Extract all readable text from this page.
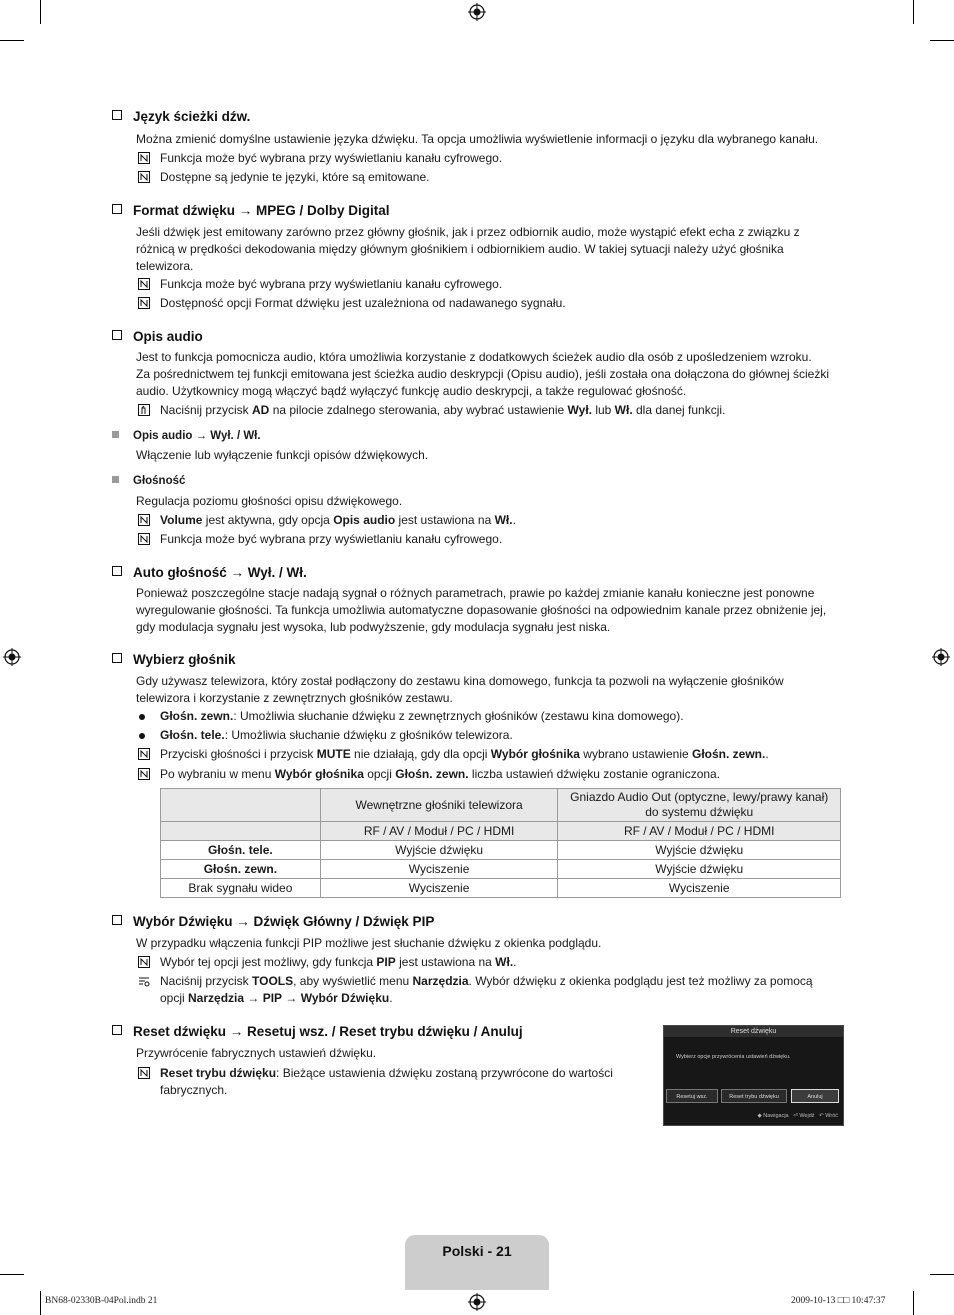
Język ścieżki dźw.
Można zmienić domyślne ustawienie języka dźwięku. Ta opcja umożliwia wyświetlenie informacji o języku dla wybranego kanału.
Funkcja może być wybrana przy wyświetlaniu kanału cyfrowego.
Dostępne są jedynie te języki, które są emitowane.
Format dźwięku → MPEG / Dolby Digital
Jeśli dźwięk jest emitowany zarówno przez główny głośnik, jak i przez odbiornik audio, może wystąpić efekt echa z związku z różnicą w prędkości dekodowania między głównym głośnikiem i odbiornikiem audio. W takiej sytuacji należy użyć głośnika telewizora.
Funkcja może być wybrana przy wyświetlaniu kanału cyfrowego.
Dostępność opcji Format dźwięku jest uzależniona od nadawanego sygnału.
Opis audio
Jest to funkcja pomocnicza audio, która umożliwia korzystanie z dodatkowych ścieżek audio dla osób z upośledzeniem wzroku.
Za pośrednictwem tej funkcji emitowana jest ścieżka audio deskrypcji (Opisu audio), jeśli została ona dołączona do głównej ścieżki audio. Użytkownicy mogą włączyć bądź wyłączyć funkcję audio deskrypcji, a także regulować głośność.
Naciśnij przycisk AD na pilocie zdalnego sterowania, aby wybrać ustawienie Wył. lub Wł. dla danej funkcji.
Opis audio → Wył. / Wł.
Włączenie lub wyłączenie funkcji opisów dźwiękowych.
Głośność
Regulacja poziomu głośności opisu dźwiękowego.
Volume jest aktywna, gdy opcja Opis audio jest ustawiona na Wł..
Funkcja może być wybrana przy wyświetlaniu kanału cyfrowego.
Auto głośność → Wył. / Wł.
Ponieważ poszczególne stacje nadają sygnał o różnych parametrach, prawie po każdej zmianie kanału konieczne jest ponowne wyregulowanie głośności. Ta funkcja umożliwia automatyczne dopasowanie głośności na odpowiednim kanale przez obniżenie jej, gdy modulacja sygnału jest wysoka, lub podwyższenie, gdy modulacja sygnału jest niska.
Wybierz głośnik
Gdy używasz telewizora, który został podłączony do zestawu kina domowego, funkcja ta pozwoli na wyłączenie głośników telewizora i korzystanie z zewnętrznych głośników zestawu.
Głośn. zewn.: Umożliwia słuchanie dźwięku z zewnętrznych głośników (zestawu kina domowego).
Głośn. tele.: Umożliwia słuchanie dźwięku z głośników telewizora.
Przyciski głośności i przycisk MUTE nie działają, gdy dla opcji Wybór głośnika wybrano ustawienie Głośn. zewn..
Po wybraniu w menu Wybór głośnika opcji Głośn. zewn. liczba ustawień dźwięku zostanie ograniczona.
	Wewnętrzne głośniki telewizora	Gniazdo Audio Out (optyczne, lewy/prawy kanał) do systemu dźwięku
	RF / AV / Moduł / PC / HDMI	RF / AV / Moduł / PC / HDMI
Głośn. tele.	Wyjście dźwięku	Wyjście dźwięku
Głośn. zewn.	Wyciszenie	Wyjście dźwięku
Brak sygnału wideo	Wyciszenie	Wyciszenie
Wybór Dźwięku → Dźwięk Główny / Dźwięk PIP
W przypadku włączenia funkcji PIP możliwe jest słuchanie dźwięku z okienka podglądu.
Wybór tej opcji jest możliwy, gdy funkcja PIP jest ustawiona na Wł..
Naciśnij przycisk TOOLS, aby wyświetlić menu Narzędzia. Wybór dźwięku z okienka podglądu jest też możliwy za pomocą opcji Narzędzia → PIP → Wybór Dźwięku.
Reset dźwięku → Resetuj wsz. / Reset trybu dźwięku / Anuluj
Przywrócenie fabrycznych ustawień dźwięku.
Reset trybu dźwięku: Bieżące ustawienia dźwięku zostaną przywrócone do wartości fabrycznych.
Reset dźwięku
Wybierz opcje przywrócenia ustawień dźwięku.
Resetuj wsz.	Reset trybu dźwięku	Anuluj
◆ Nawigacja ⏎ Wejdź ↶ Wróć
Polski - 21
BN68-02330B-04Pol.indb 21	2009-10-13 □□ 10:47:37
